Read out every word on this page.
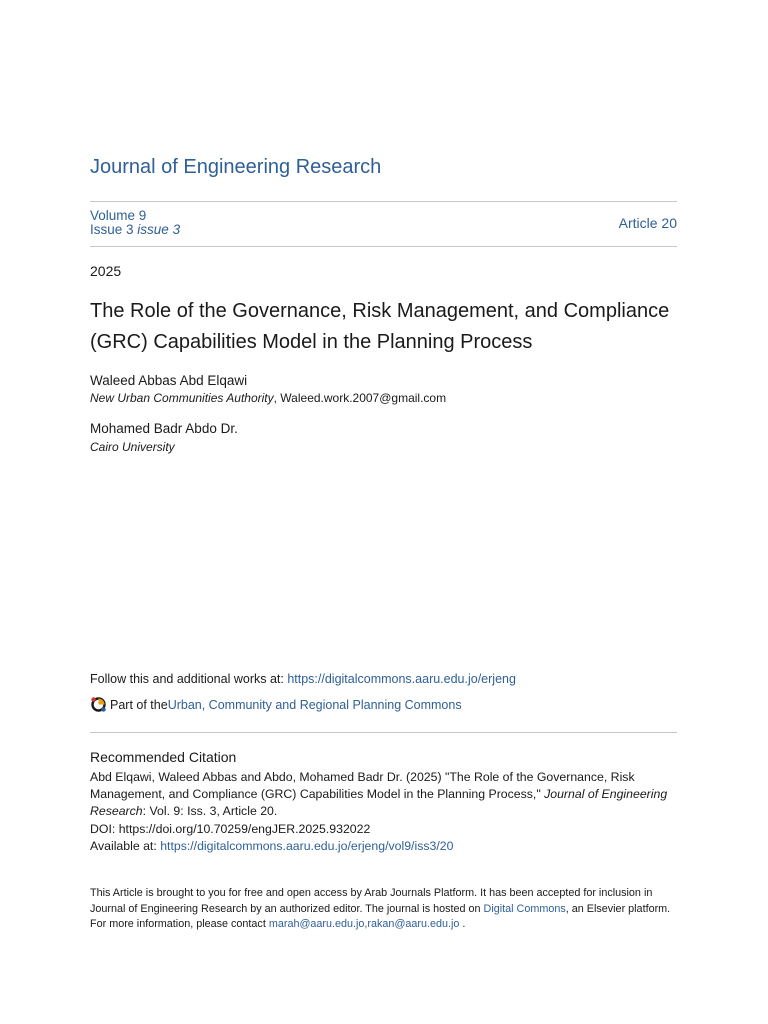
Journal of Engineering Research
Volume 9
Issue 3 issue 3	Article 20
2025
The Role of the Governance, Risk Management, and Compliance (GRC) Capabilities Model in the Planning Process
Waleed Abbas Abd Elqawi
New Urban Communities Authority, Waleed.work.2007@gmail.com
Mohamed Badr Abdo Dr.
Cairo University
Follow this and additional works at: https://digitalcommons.aaru.edu.jo/erjeng
Part of the Urban, Community and Regional Planning Commons
Recommended Citation
Abd Elqawi, Waleed Abbas and Abdo, Mohamed Badr Dr. (2025) "The Role of the Governance, Risk Management, and Compliance (GRC) Capabilities Model in the Planning Process," Journal of Engineering Research: Vol. 9: Iss. 3, Article 20.
DOI: https://doi.org/10.70259/engJER.2025.932022
Available at: https://digitalcommons.aaru.edu.jo/erjeng/vol9/iss3/20
This Article is brought to you for free and open access by Arab Journals Platform. It has been accepted for inclusion in Journal of Engineering Research by an authorized editor. The journal is hosted on Digital Commons, an Elsevier platform. For more information, please contact marah@aaru.edu.jo,rakan@aaru.edu.jo .
